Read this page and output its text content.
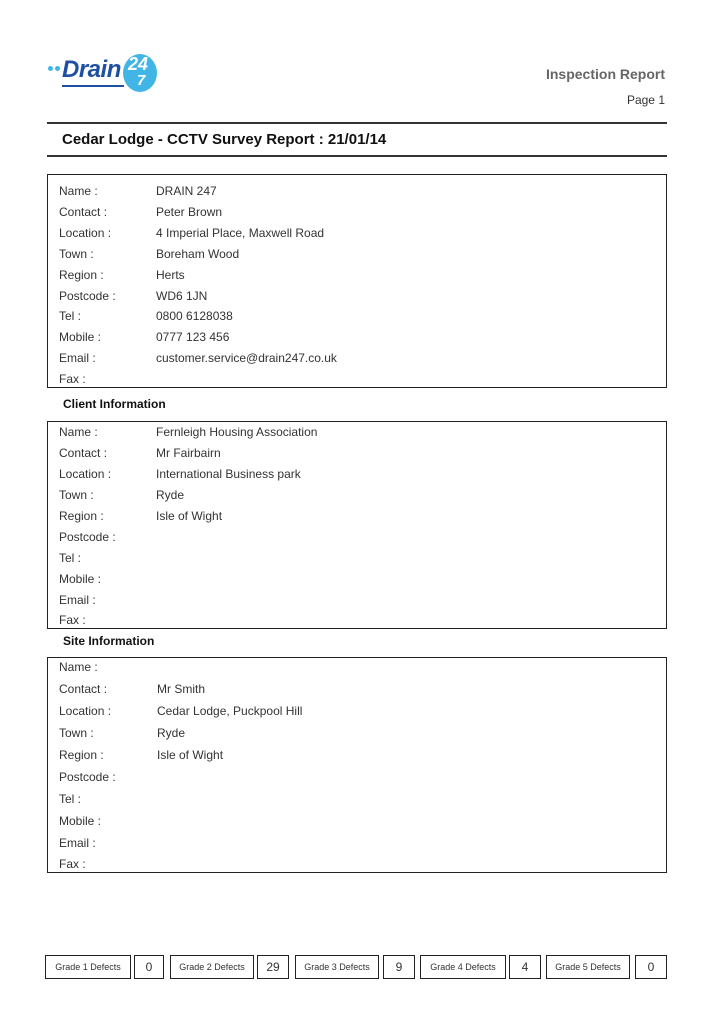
Drain 24
7	Inspection Report
Page 1
Cedar Lodge - CCTV Survey Report : 21/01/14
Name :	DRAIN 247
Contact :	Peter Brown
Location :	4 Imperial Place, Maxwell Road
Town :	Boreham Wood
Region :	Herts
Postcode :	WD6 1JN
Tel :	0800 6128038
Mobile :	0777 123 456
Email :	customer.service@drain247.co.uk
Fax :
Client Information
Name :	Fernleigh Housing Association
Contact :	Mr Fairbairn
Location :	International Business park
Town :	Ryde
Region :	Isle of Wight
Postcode :
Tel :
Mobile :
Email :
Fax :
Site Information
Name :
Contact :	Mr Smith
Location :	Cedar Lodge, Puckpool Hill
Town :	Ryde
Region :	Isle of Wight
Postcode :
Tel :
Mobile :
Email :
Fax :
Grade 1 Defects	0	Grade 2 Defects	29	Grade 3 Defects	9	Grade 4 Defects	4	Grade 5 Defects	0
